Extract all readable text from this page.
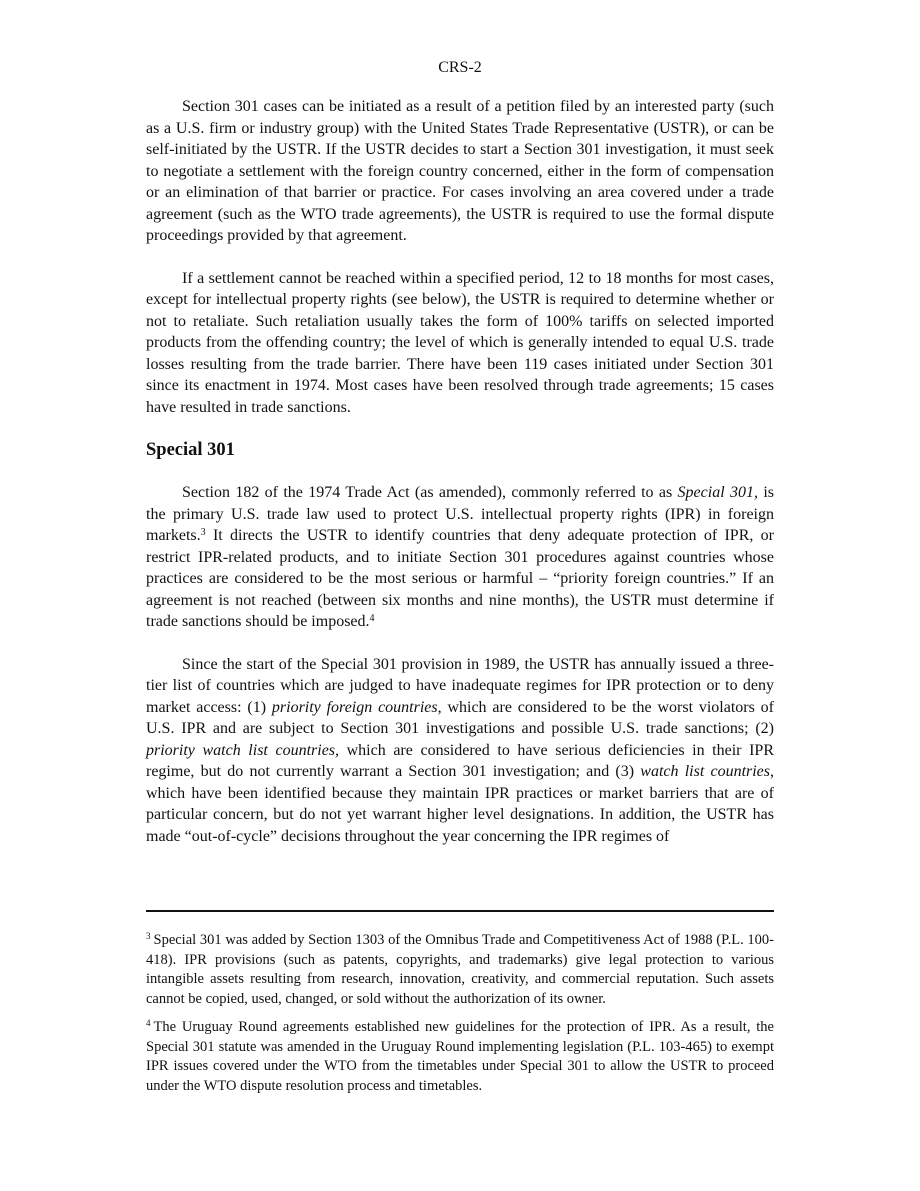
CRS-2

Section 301 cases can be initiated as a result of a petition filed by an interested party (such as a U.S. firm or industry group) with the United States Trade Representative (USTR), or can be self-initiated by the USTR. If the USTR decides to start a Section 301 investigation, it must seek to negotiate a settlement with the foreign country concerned, either in the form of compensation or an elimination of that barrier or practice. For cases involving an area covered under a trade agreement (such as the WTO trade agreements), the USTR is required to use the formal dispute proceedings provided by that agreement.

If a settlement cannot be reached within a specified period, 12 to 18 months for most cases, except for intellectual property rights (see below), the USTR is required to determine whether or not to retaliate. Such retaliation usually takes the form of 100% tariffs on selected imported products from the offending country; the level of which is generally intended to equal U.S. trade losses resulting from the trade barrier. There have been 119 cases initiated under Section 301 since its enactment in 1974. Most cases have been resolved through trade agreements; 15 cases have resulted in trade sanctions.

Special 301

Section 182 of the 1974 Trade Act (as amended), commonly referred to as Special 301, is the primary U.S. trade law used to protect U.S. intellectual property rights (IPR) in foreign markets.$^3$ It directs the USTR to identify countries that deny adequate protection of IPR, or restrict IPR-related products, and to initiate Section 301 procedures against countries whose practices are considered to be the most serious or harmful – “priority foreign countries.” If an agreement is not reached (between six months and nine months), the USTR must determine if trade sanctions should be imposed.$^4$

Since the start of the Special 301 provision in 1989, the USTR has annually issued a three-tier list of countries which are judged to have inadequate regimes for IPR protection or to deny market access: (1) priority foreign countries, which are considered to be the worst violators of U.S. IPR and are subject to Section 301 investigations and possible U.S. trade sanctions; (2) priority watch list countries, which are considered to have serious deficiencies in their IPR regime, but do not currently warrant a Section 301 investigation; and (3) watch list countries, which have been identified because they maintain IPR practices or market barriers that are of particular concern, but do not yet warrant higher level designations. In addition, the USTR has made “out-of-cycle” decisions throughout the year concerning the IPR regimes of

$^3$ Special 301 was added by Section 1303 of the Omnibus Trade and Competitiveness Act of 1988 (P.L. 100-418). IPR provisions (such as patents, copyrights, and trademarks) give legal protection to various intangible assets resulting from research, innovation, creativity, and commercial reputation. Such assets cannot be copied, used, changed, or sold without the authorization of its owner.

$^4$ The Uruguay Round agreements established new guidelines for the protection of IPR. As a result, the Special 301 statute was amended in the Uruguay Round implementing legislation (P.L. 103-465) to exempt IPR issues covered under the WTO from the timetables under Special 301 to allow the USTR to proceed under the WTO dispute resolution process and timetables.
